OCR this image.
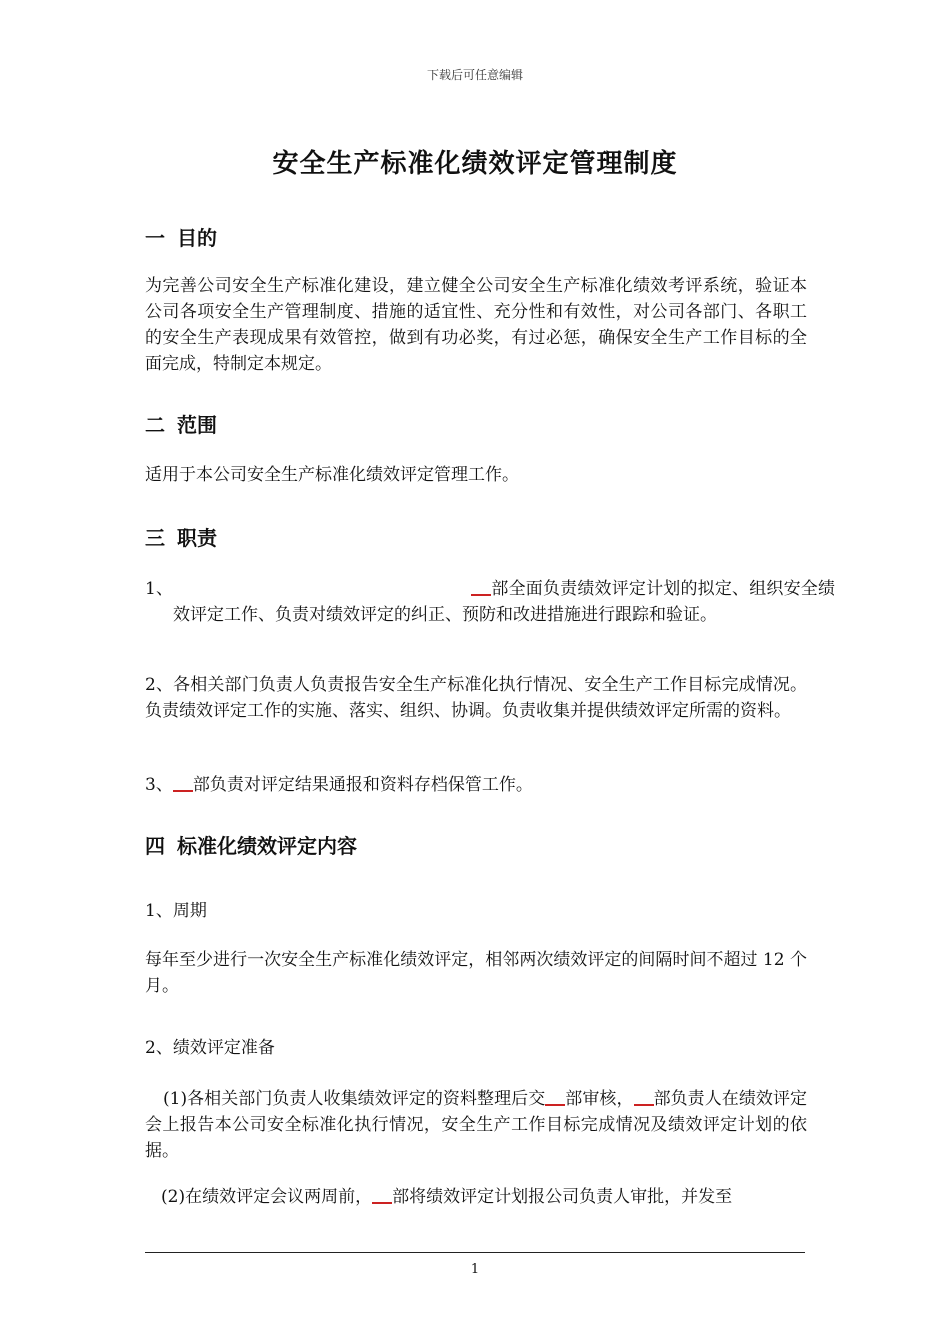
下载后可任意编辑
安全生产标准化绩效评定管理制度
一 目的
为完善公司安全生产标准化建设，建立健全公司安全生产标准化绩效考评系统，验证本公司各项安全生产管理制度、措施的适宜性、充分性和有效性，对公司各部门、各职工的安全生产表现成果有效管控，做到有功必奖，有过必惩，确保安全生产工作目标的全面完成，特制定本规定。
二 范围
适用于本公司安全生产标准化绩效评定管理工作。
三 职责
1、	部全面负责绩效评定计划的拟定、组织安全绩效评定工作、负责对绩效评定的纠正、预防和改进措施进行跟踪和验证。
2、各相关部门负责人负责报告安全生产标准化执行情况、安全生产工作目标完成情况。负责绩效评定工作的实施、落实、组织、协调。负责收集并提供绩效评定所需的资料。
3、 部负责对评定结果通报和资料存档保管工作。
四 标准化绩效评定内容
1、周期
每年至少进行一次安全生产标准化绩效评定，相邻两次绩效评定的间隔时间不超过 12 个月。
2、绩效评定准备
(1)各相关部门负责人收集绩效评定的资料整理后交 部审核， 部负责人在绩效评定会上报告本公司安全标准化执行情况，安全生产工作目标完成情况及绩效评定计划的依据。
(2)在绩效评定会议两周前， 部将绩效评定计划报公司负责人审批，并发至
1
